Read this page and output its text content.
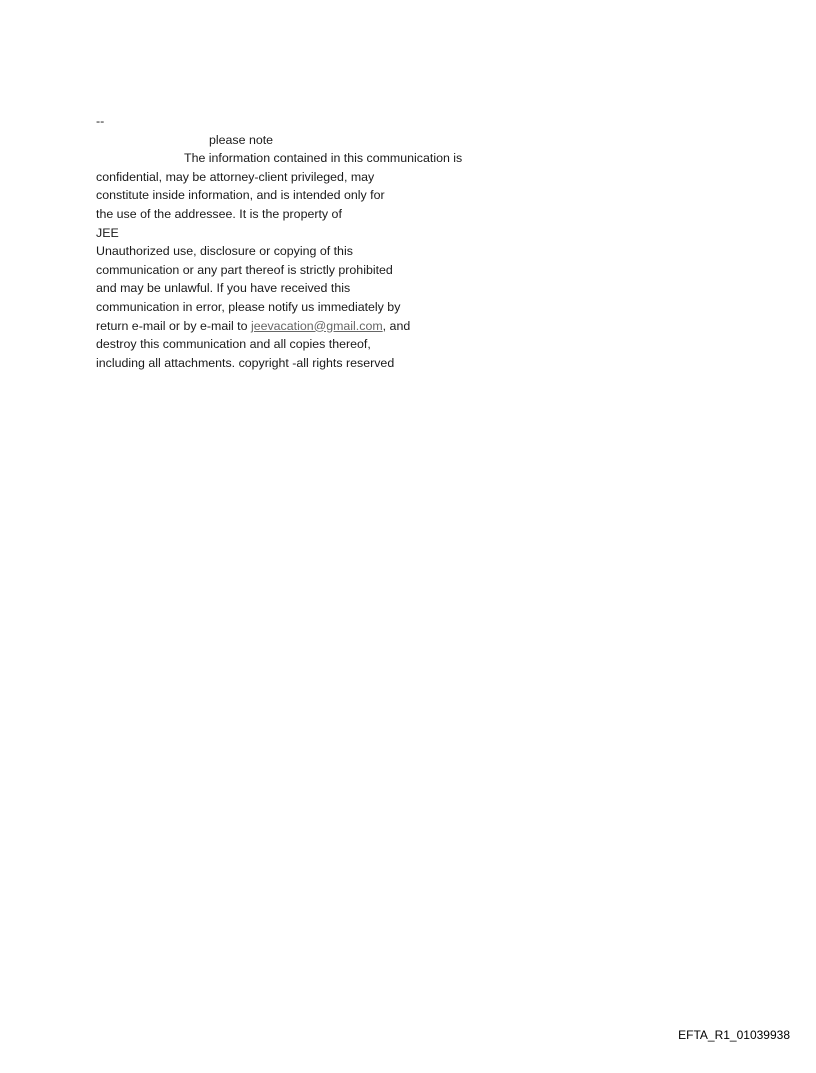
--
please note
The information contained in this communication is
confidential, may be attorney-client privileged, may
constitute inside information, and is intended only for
the use of the addressee. It is the property of
JEE
Unauthorized use, disclosure or copying of this
communication or any part thereof is strictly prohibited
and may be unlawful. If you have received this
communication in error, please notify us immediately by
return e-mail or by e-mail to jeevacation@gmail.com, and
destroy this communication and all copies thereof,
including all attachments. copyright -all rights reserved
EFTA_R1_01039938
